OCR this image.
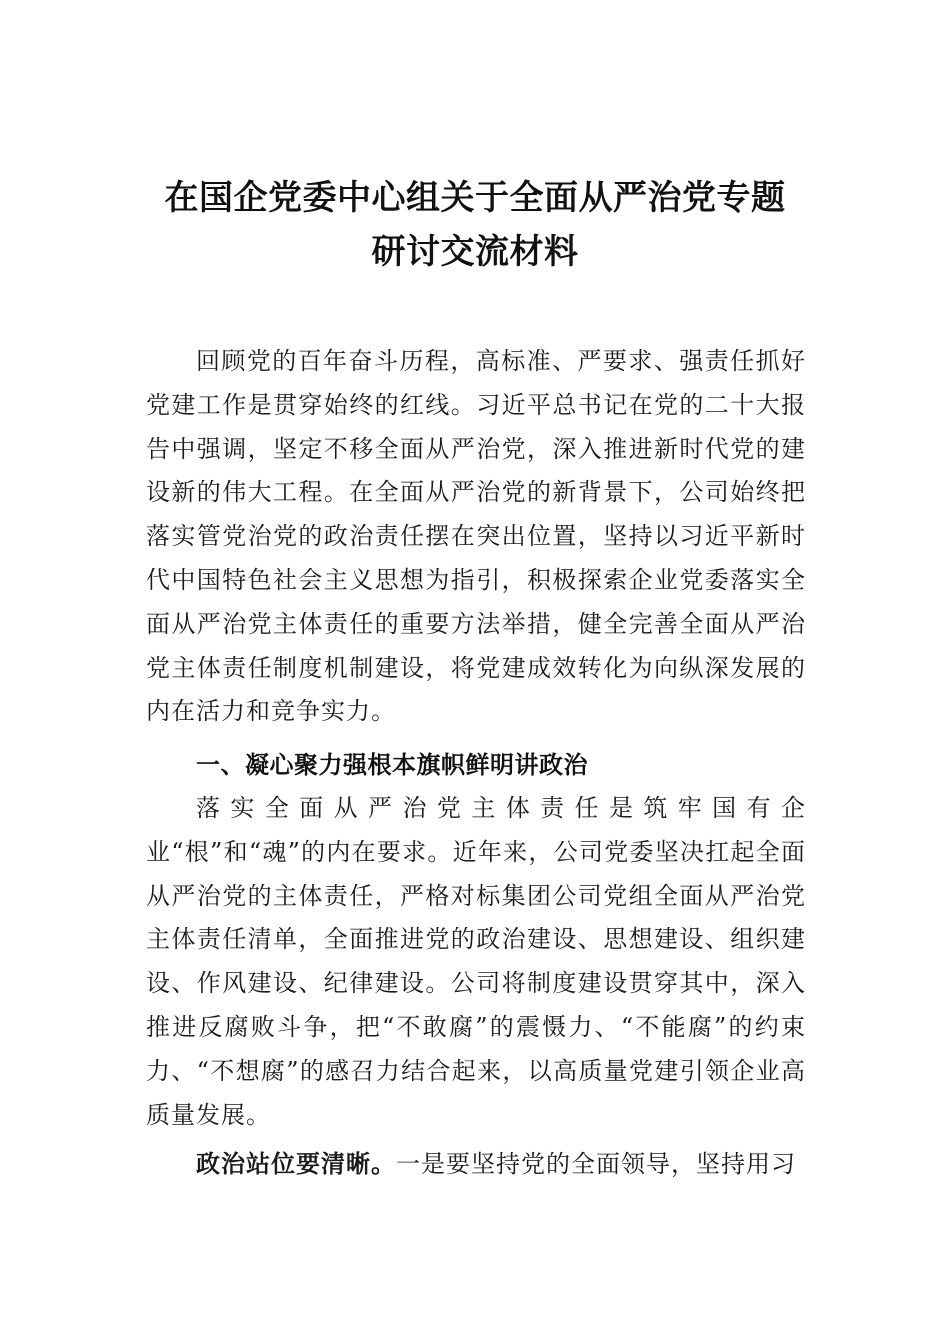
在国企党委中心组关于全面从严治党专题
研讨交流材料

回顾党的百年奋斗历程，高标准、严要求、强责任抓好党建工作是贯穿始终的红线。习近平总书记在党的二十大报告中强调，坚定不移全面从严治党，深入推进新时代党的建设新的伟大工程。在全面从严治党的新背景下，公司始终把落实管党治党的政治责任摆在突出位置，坚持以习近平新时代中国特色社会主义思想为指引，积极探索企业党委落实全面从严治党主体责任的重要方法举措，健全完善全面从严治党主体责任制度机制建设，将党建成效转化为向纵深发展的内在活力和竞争实力。

一、凝心聚力强根本旗帜鲜明讲政治

落实全面从严治党主体责任是筑牢国有企业“根”和“魂”的内在要求。近年来，公司党委坚决扛起全面从严治党的主体责任，严格对标集团公司党组全面从严治党主体责任清单，全面推进党的政治建设、思想建设、组织建设、作风建设、纪律建设。公司将制度建设贯穿其中，深入推进反腐败斗争，把“不敢腐”的震慑力、“不能腐”的约束力、“不想腐”的感召力结合起来，以高质量党建引领企业高质量发展。

政治站位要清晰。一是要坚持党的全面领导，坚持用习
